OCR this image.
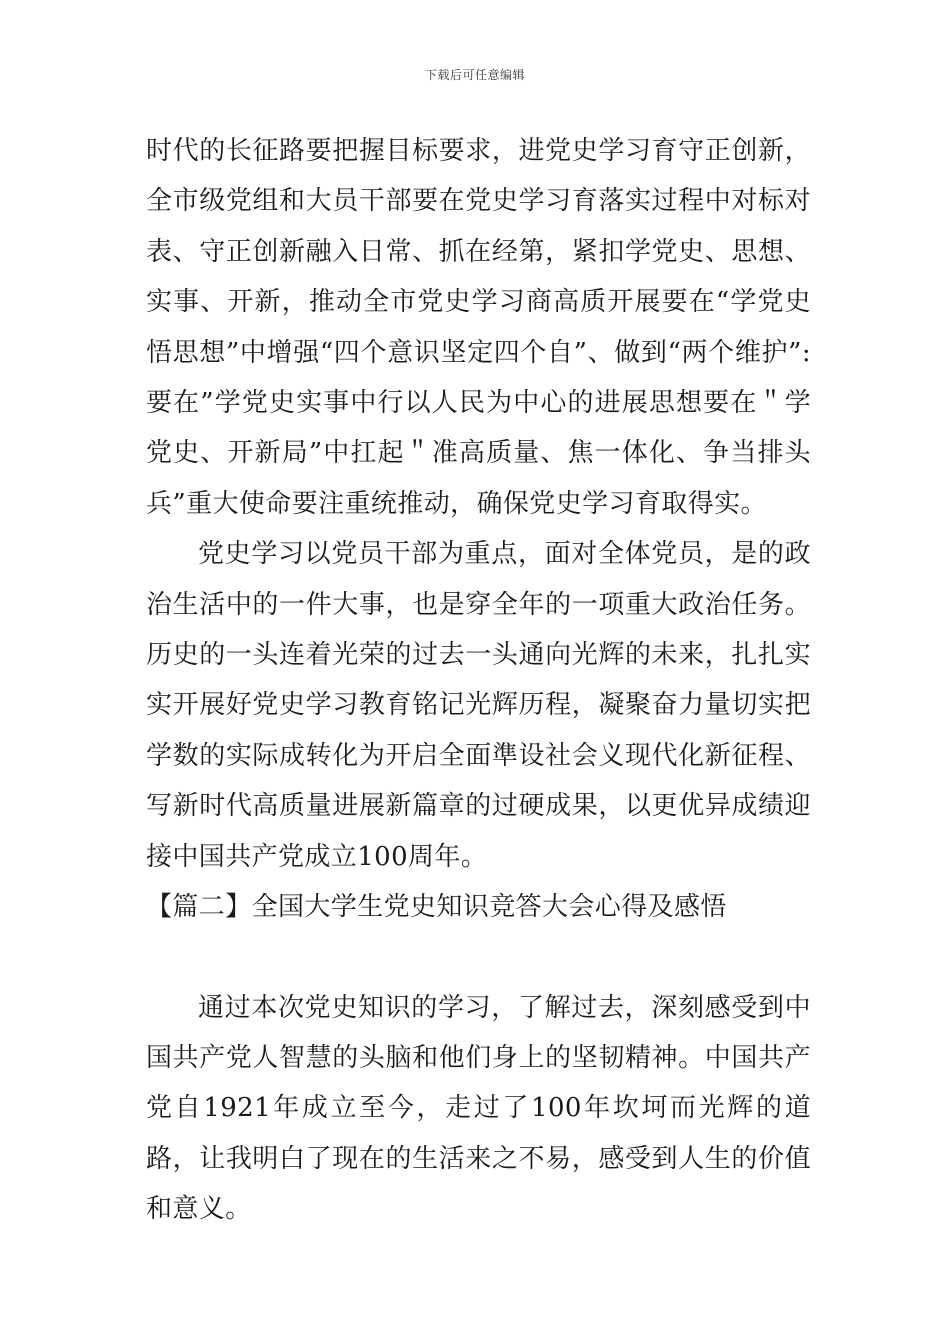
下载后可任意编辑

时代的长征路要把握目标要求，进党史学习育守正创新，全市级党组和大员干部要在党史学习育落实过程中对标对表、守正创新融入日常、抓在经第，紧扣学党史、思想、实事、开新，推动全市党史学习商高质开展要在“学党史悟思想”中增强“四个意识坚定四个自”、做到“两个维护”:要在”学党史实事中行以人民为中心的进展思想要在＂学党史、开新局”中扛起＂准高质量、焦一体化、争当排头兵”重大使命要注重统推动，确保党史学习育取得实。

党史学习以党员干部为重点，面对全体党员，是的政治生活中的一件大事，也是穿全年的一项重大政治任务。历史的一头连着光荣的过去一头通向光辉的未来，扎扎实实开展好党史学习教育铭记光辉历程，凝聚奋力量切实把学数的实际成转化为开启全面準设社会义现代化新征程、写新时代高质量进展新篇章的过硬成果，以更优异成绩迎接中国共产党成立100周年。

【篇二】全国大学生党史知识竞答大会心得及感悟

通过本次党史知识的学习，了解过去，深刻感受到中国共产党人智慧的头脑和他们身上的坚韧精神。中国共产党自1921年成立至今，走过了100年坎坷而光辉的道路，让我明白了现在的生活来之不易，感受到人生的价值和意义。
